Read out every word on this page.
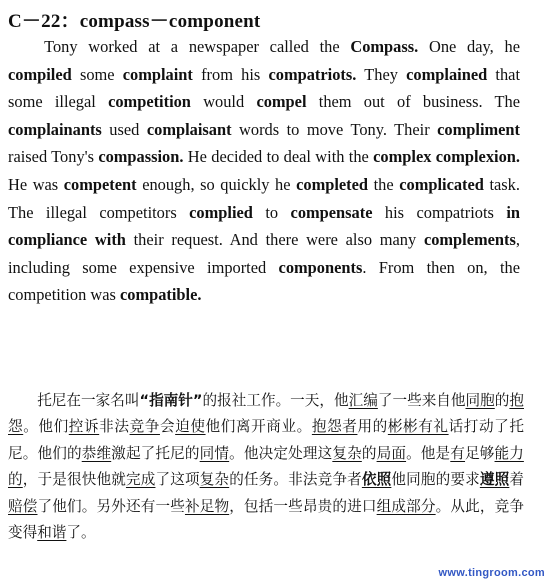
C－22：compass－component

Tony worked at a newspaper called the Compass. One day, he compiled some complaint from his compatriots. They complained that some illegal competition would compel them out of business. The complainants used complaisant words to move Tony. Their compliment raised Tony's compassion. He decided to deal with the complex complexion. He was competent enough, so quickly he completed the complicated task. The illegal competitors complied to compensate his compatriots in compliance with their request. And there were also many complements, including some expensive imported components. From then on, the competition was compatible.

托尼在一家名叫“指南针”的报社工作。一天，他汇编了一些来自他同胞的抱怨。他们控诉非法竞争会迫使他们离开商业。抱怨者用的彬彬有礼话打动了托尼。他们的恭维激起了托尼的同情。他决定处理这复杂的局面。他是有足够能力的，于是很快他就完成了这项复杂的任务。非法竞争者依照他同胞的要求遵照着赔偿了他们。另外还有一些补足物，包括一些昂贵的进口组成部分。从此，竞争变得和谐了。

www.tingroom.com
